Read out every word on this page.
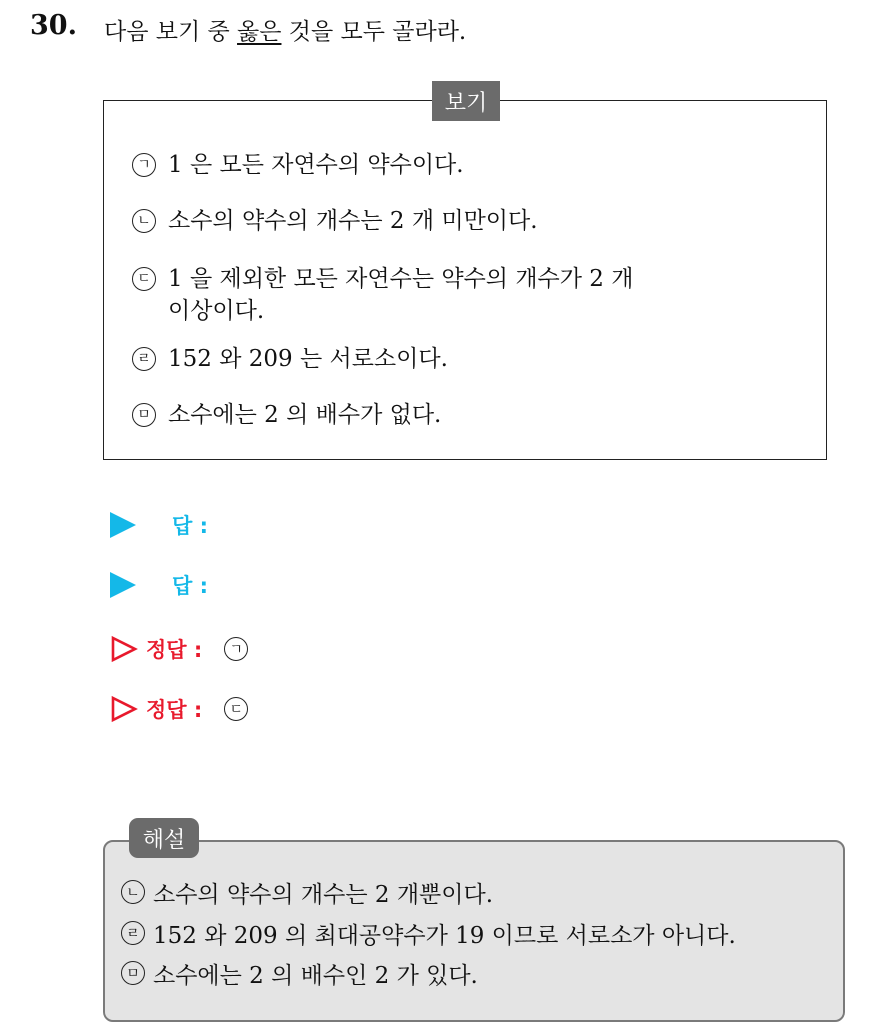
30. 다음 보기 중 옳은 것을 모두 골라라.
보기
ㄱ 1 은 모든 자연수의 약수이다.
ㄴ 소수의 약수의 개수는 2 개 미만이다.
ㄷ 1 을 제외한 모든 자연수는 약수의 개수가 2 개
이상이다.
ㄹ 152 와 209 는 서로소이다.
ㅁ 소수에는 2 의 배수가 없다.
답 :
답 :
정답 :	ㄱ
정답 :	ㄷ
해설
ㄴ 소수의 약수의 개수는 2 개뿐이다.
ㄹ 152 와 209 의 최대공약수가 19 이므로 서로소가 아니다.
ㅁ 소수에는 2 의 배수인 2 가 있다.
